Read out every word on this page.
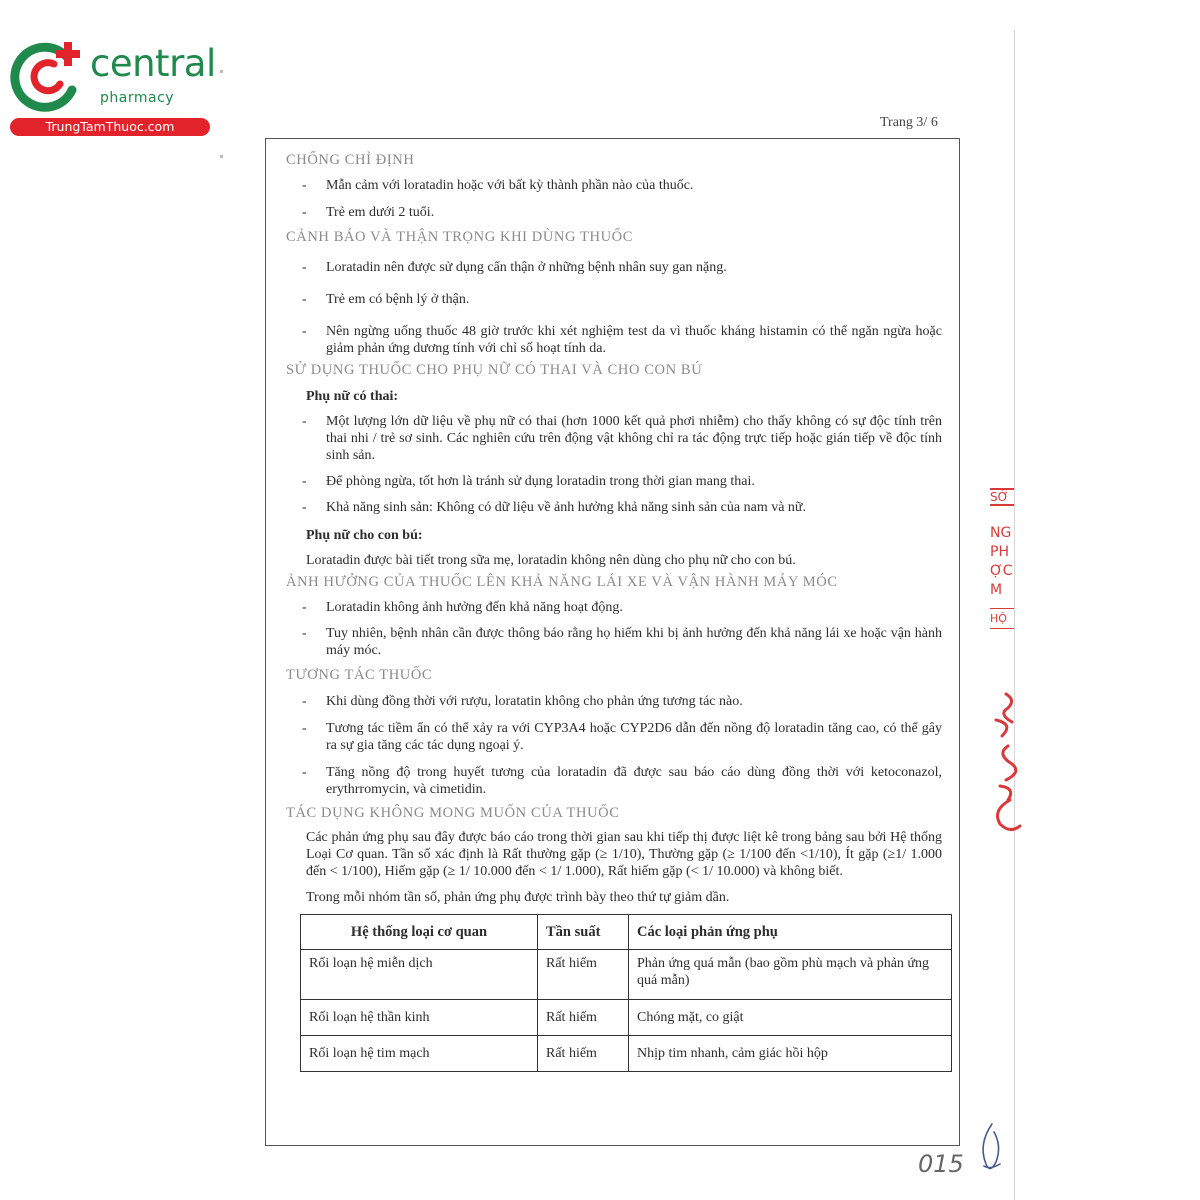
central
pharmacy
TrungTamThuoc.com	Trang 3/ 6
CHỐNG CHỈ ĐỊNH

- Mẫn cảm với loratadin hoặc với bất kỳ thành phần nào của thuốc.

- Trẻ em dưới 2 tuổi.

CẢNH BÁO VÀ THẬN TRỌNG KHI DÙNG THUỐC

- Loratadin nên được sử dụng cẩn thận ở những bệnh nhân suy gan nặng.

- Trẻ em có bệnh lý ở thận.

- Nên ngừng uống thuốc 48 giờ trước khi xét nghiệm test da vì thuốc kháng histamin có thể ngăn ngừa hoặc giảm phản ứng dương tính với chỉ số hoạt tính da.

SỬ DỤNG THUỐC CHO PHỤ NỮ CÓ THAI VÀ CHO CON BÚ

Phụ nữ có thai:

- Một lượng lớn dữ liệu về phụ nữ có thai (hơn 1000 kết quả phơi nhiễm) cho thấy không có sự độc tính trên thai nhi / trẻ sơ sinh. Các nghiên cứu trên động vật không chỉ ra tác động trực tiếp hoặc gián tiếp về độc tính sinh sản.

- Để phòng ngừa, tốt hơn là tránh sử dụng loratadin trong thời gian mang thai.

- Khả năng sinh sản: Không có dữ liệu về ảnh hưởng khả năng sinh sản của nam và nữ.

Phụ nữ cho con bú:

Loratadin được bài tiết trong sữa mẹ, loratadin không nên dùng cho phụ nữ cho con bú.

ẢNH HƯỞNG CỦA THUỐC LÊN KHẢ NĂNG LÁI XE VÀ VẬN HÀNH MÁY MÓC

- Loratadin không ảnh hưởng đến khả năng hoạt động.

- Tuy nhiên, bệnh nhân cần được thông báo rằng họ hiếm khi bị ảnh hưởng đến khả năng lái xe hoặc vận hành máy móc.

TƯƠNG TÁC THUỐC

- Khi dùng đồng thời với rượu, loratatin không cho phản ứng tương tác nào.

- Tương tác tiềm ẩn có thể xảy ra với CYP3A4 hoặc CYP2D6 dẫn đến nồng độ loratadin tăng cao, có thể gây ra sự gia tăng các tác dụng ngoại ý.

- Tăng nồng độ trong huyết tương của loratadin đã được sau báo cáo dùng đồng thời với ketoconazol, erythrromycin, và cimetidin.

TÁC DỤNG KHÔNG MONG MUỐN CỦA THUỐC

Các phản ứng phụ sau đây được báo cáo trong thời gian sau khi tiếp thị được liệt kê trong bảng sau bởi Hệ thống Loại Cơ quan. Tần số xác định là Rất thường gặp (≥ 1/10), Thường gặp (≥ 1/100 đến <1/10), Ít gặp (≥1/ 1.000 đến < 1/100), Hiếm gặp (≥ 1/ 10.000 đến < 1/ 1.000), Rất hiếm gặp (< 1/ 10.000) và không biết.

Trong mỗi nhóm tần số, phản ứng phụ được trình bày theo thứ tự giảm dần.

Hệ thống loại cơ quan	Tần suất	Các loại phản ứng phụ
Rối loạn hệ miễn dịch	Rất hiếm	Phản ứng quá mẫn (bao gồm phù mạch và phản ứng quá mẫn)
Rối loạn hệ thần kinh	Rất hiếm	Chóng mặt, co giật
Rối loạn hệ tim mạch	Rất hiếm	Nhịp tim nhanh, cảm giác hồi hộp
SỞ
NG
PH
ỢC
M
HỘ
015
